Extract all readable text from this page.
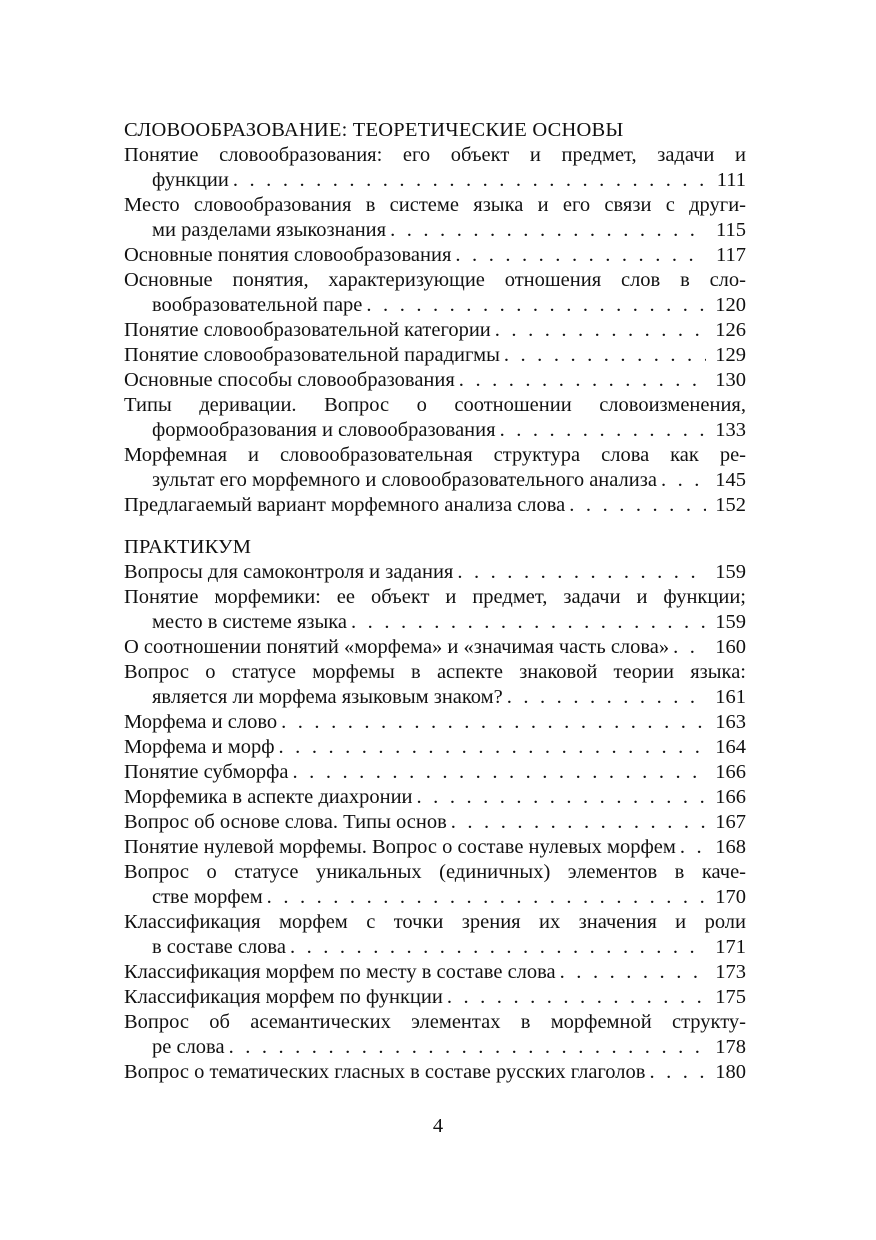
СЛОВООБРАЗОВАНИЕ: ТЕОРЕТИЧЕСКИЕ ОСНОВЫ
Понятие словообразования: его объект и предмет, задачи и
функции . . .	111
Место словообразования в системе языка и его связи с други-
ми разделами языкознания . . .	115
Основные понятия словообразования . . .	117
Основные понятия, характеризующие отношения слов в сло-
вообразовательной паре . . .	120
Понятие словообразовательной категории . . .	126
Понятие словообразовательной парадигмы . . .	129
Основные способы словообразования . . .	130
Типы деривации. Вопрос о соотношении словоизменения,
формообразования и словообразования . . .	133
Морфемная и словообразовательная структура слова как ре-
зультат его морфемного и словообразовательного анализа . . .	145
Предлагаемый вариант морфемного анализа слова . . .	152
ПРАКТИКУМ
Вопросы для самоконтроля и задания . . .	159
Понятие морфемики: ее объект и предмет, задачи и функции;
место в системе языка . . .	159
О соотношении понятий «морфема» и «значимая часть слова» . . . 160
Вопрос о статусе морфемы в аспекте знаковой теории языка:
является ли морфема языковым знаком? . . .	161
Морфема и слово . . .	163
Морфема и морф . . .	164
Понятие субморфа . . .	166
Морфемика в аспекте диахронии . . .	166
Вопрос об основе слова. Типы основ . . .	167
Понятие нулевой морфемы. Вопрос о составе нулевых морфем . . . 168
Вопрос о статусе уникальных (единичных) элементов в каче-
стве морфем . . .	170
Классификация морфем с точки зрения их значения и роли
в составе слова . . .	171
Классификация морфем по месту в составе слова . . .	173
Классификация морфем по функции . . .	175
Вопрос об асемантических элементах в морфемной структу-
ре слова . . .	178
Вопрос о тематических гласных в составе русских глаголов . . .	180
4
